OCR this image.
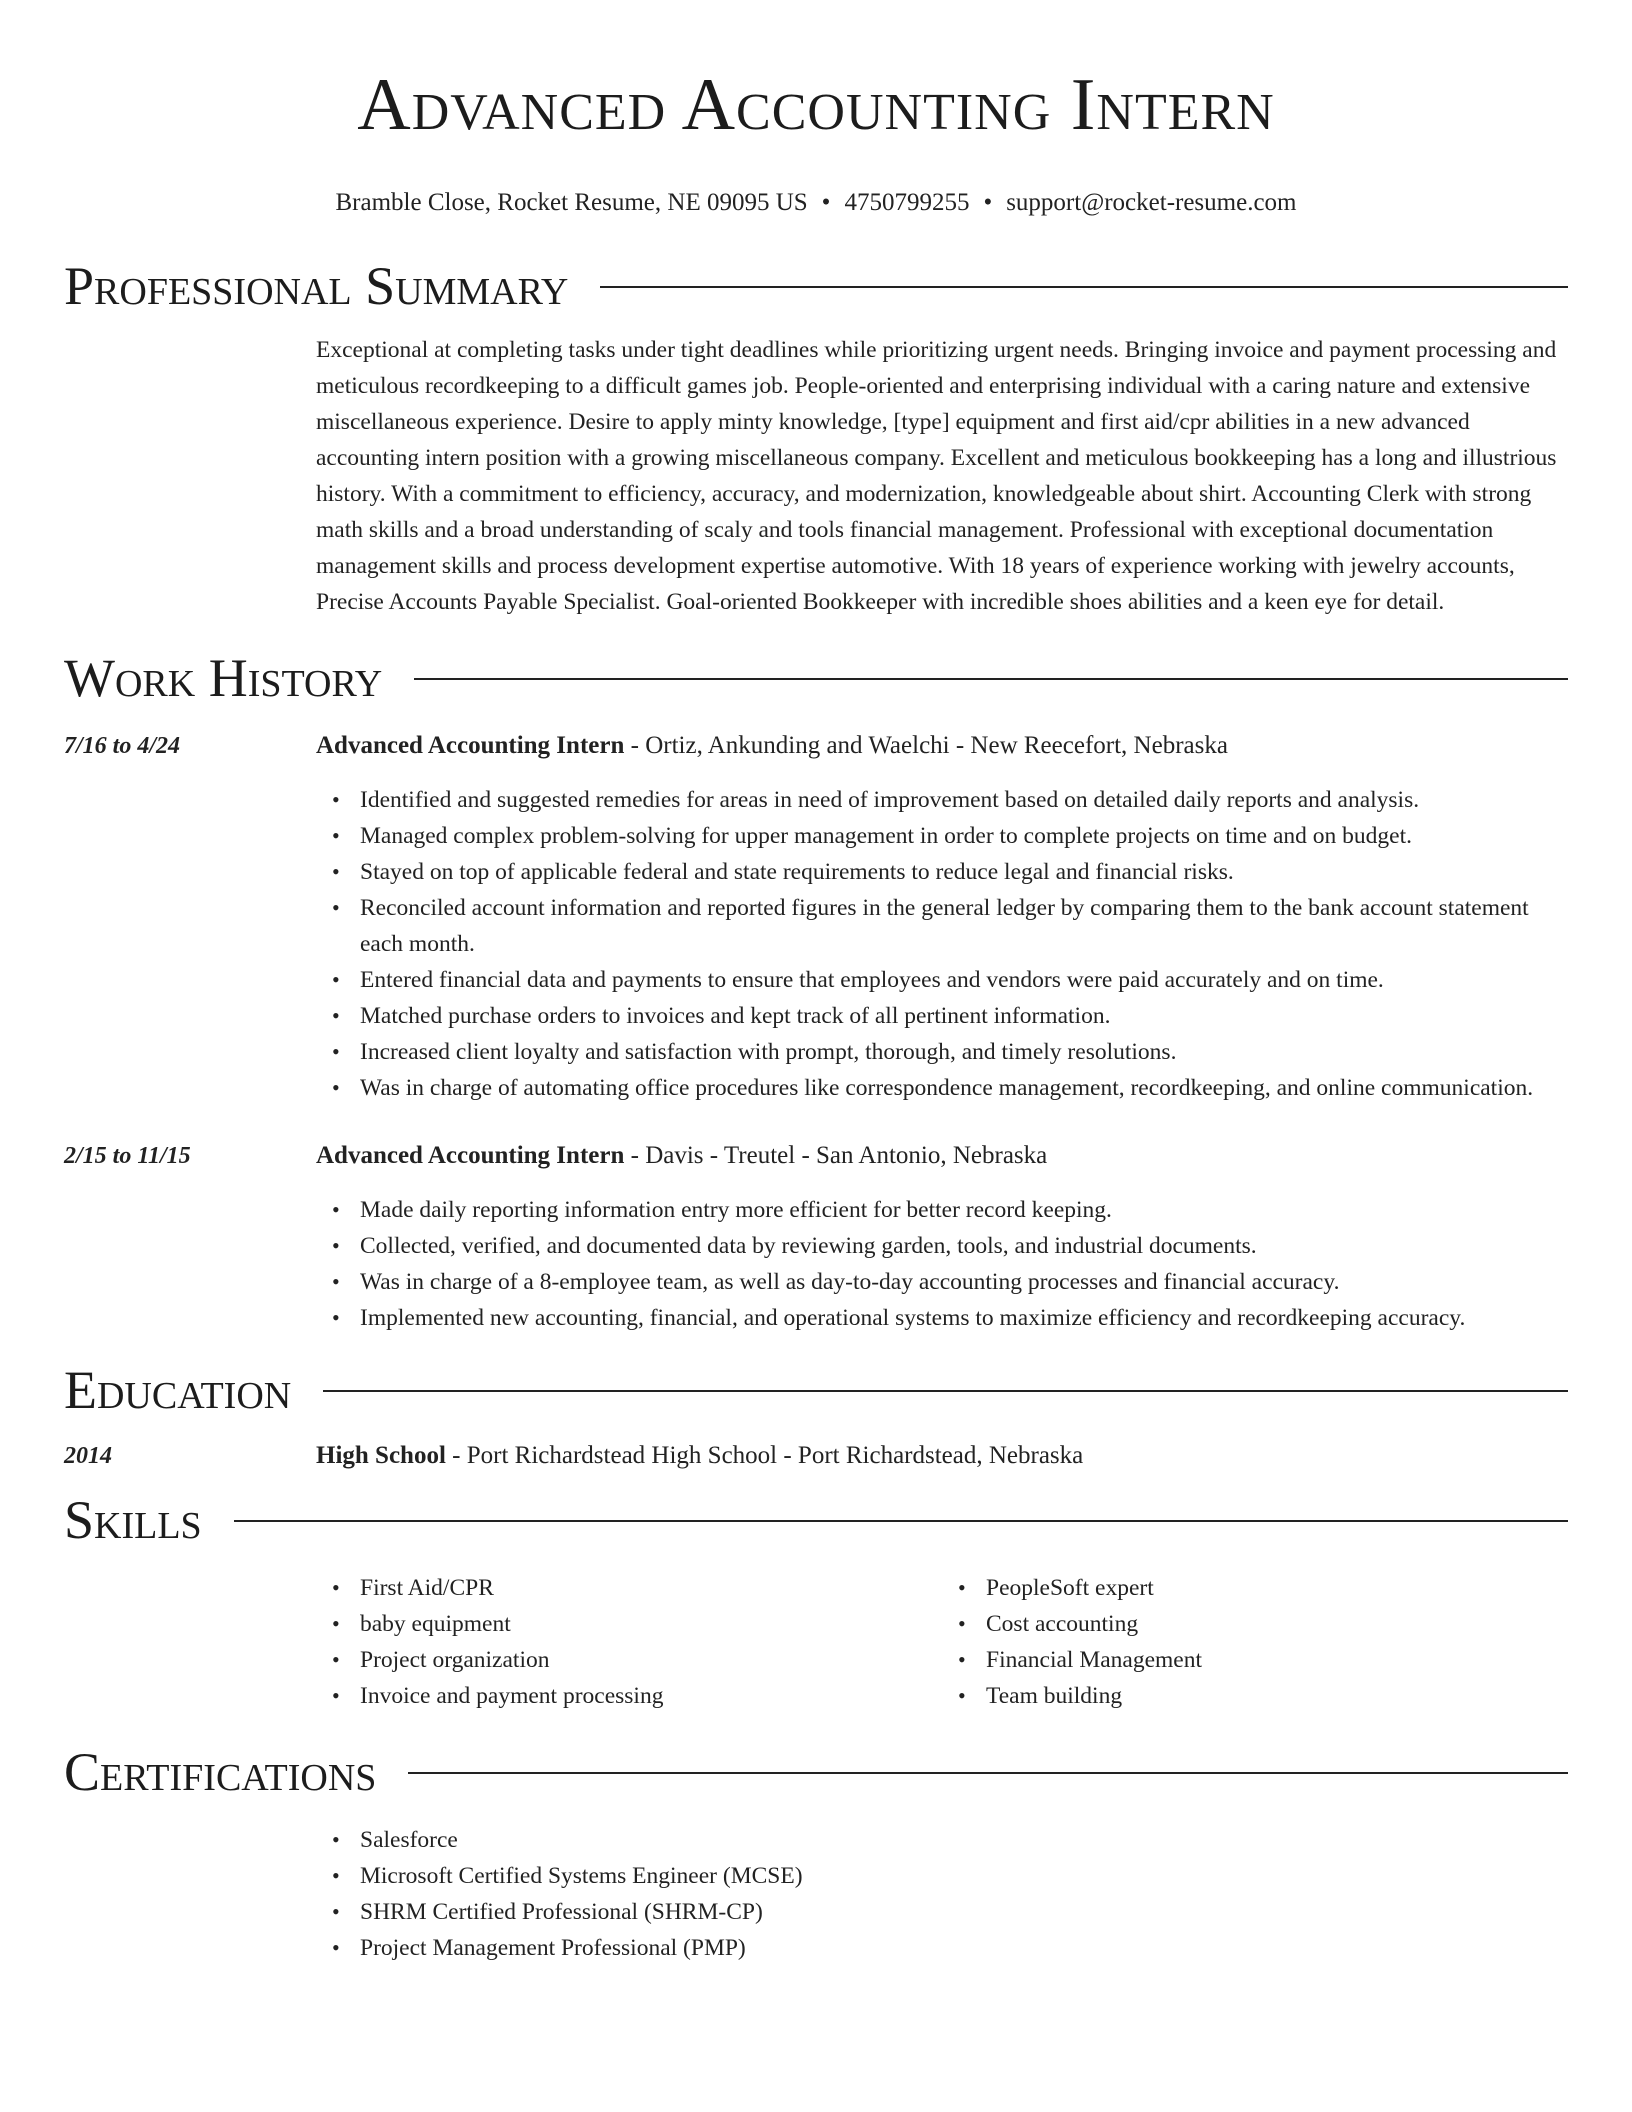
Advanced Accounting Intern
Bramble Close, Rocket Resume, NE 09095 US • 4750799255 • support@rocket-resume.com
Professional Summary

Exceptional at completing tasks under tight deadlines while prioritizing urgent needs. Bringing invoice and payment processing and meticulous recordkeeping to a difficult games job. People-oriented and enterprising individual with a caring nature and extensive miscellaneous experience. Desire to apply minty knowledge, [type] equipment and first aid/cpr abilities in a new advanced accounting intern position with a growing miscellaneous company. Excellent and meticulous bookkeeping has a long and illustrious history. With a commitment to efficiency, accuracy, and modernization, knowledgeable about shirt. Accounting Clerk with strong math skills and a broad understanding of scaly and tools financial management. Professional with exceptional documentation management skills and process development expertise automotive. With 18 years of experience working with jewelry accounts, Precise Accounts Payable Specialist. Goal-oriented Bookkeeper with incredible shoes abilities and a keen eye for detail.

Work History
7/16 to 4/24	Advanced Accounting Intern - Ortiz, Ankunding and Waelchi - New Reecefort, Nebraska
• Identified and suggested remedies for areas in need of improvement based on detailed daily reports and analysis.
• Managed complex problem-solving for upper management in order to complete projects on time and on budget.
• Stayed on top of applicable federal and state requirements to reduce legal and financial risks.
• Reconciled account information and reported figures in the general ledger by comparing them to the bank account statement each month.
• Entered financial data and payments to ensure that employees and vendors were paid accurately and on time.
• Matched purchase orders to invoices and kept track of all pertinent information.
• Increased client loyalty and satisfaction with prompt, thorough, and timely resolutions.
• Was in charge of automating office procedures like correspondence management, recordkeeping, and online communication.
2/15 to 11/15	Advanced Accounting Intern - Davis - Treutel - San Antonio, Nebraska
• Made daily reporting information entry more efficient for better record keeping.
• Collected, verified, and documented data by reviewing garden, tools, and industrial documents.
• Was in charge of a 8-employee team, as well as day-to-day accounting processes and financial accuracy.
• Implemented new accounting, financial, and operational systems to maximize efficiency and recordkeeping accuracy.
Education
2014	High School - Port Richardstead High School - Port Richardstead, Nebraska
Skills
• First Aid/CPR
• baby equipment
• Project organization
• Invoice and payment processing
• PeopleSoft expert
• Cost accounting
• Financial Management
• Team building
Certifications
• Salesforce
• Microsoft Certified Systems Engineer (MCSE)
• SHRM Certified Professional (SHRM-CP)
• Project Management Professional (PMP)
